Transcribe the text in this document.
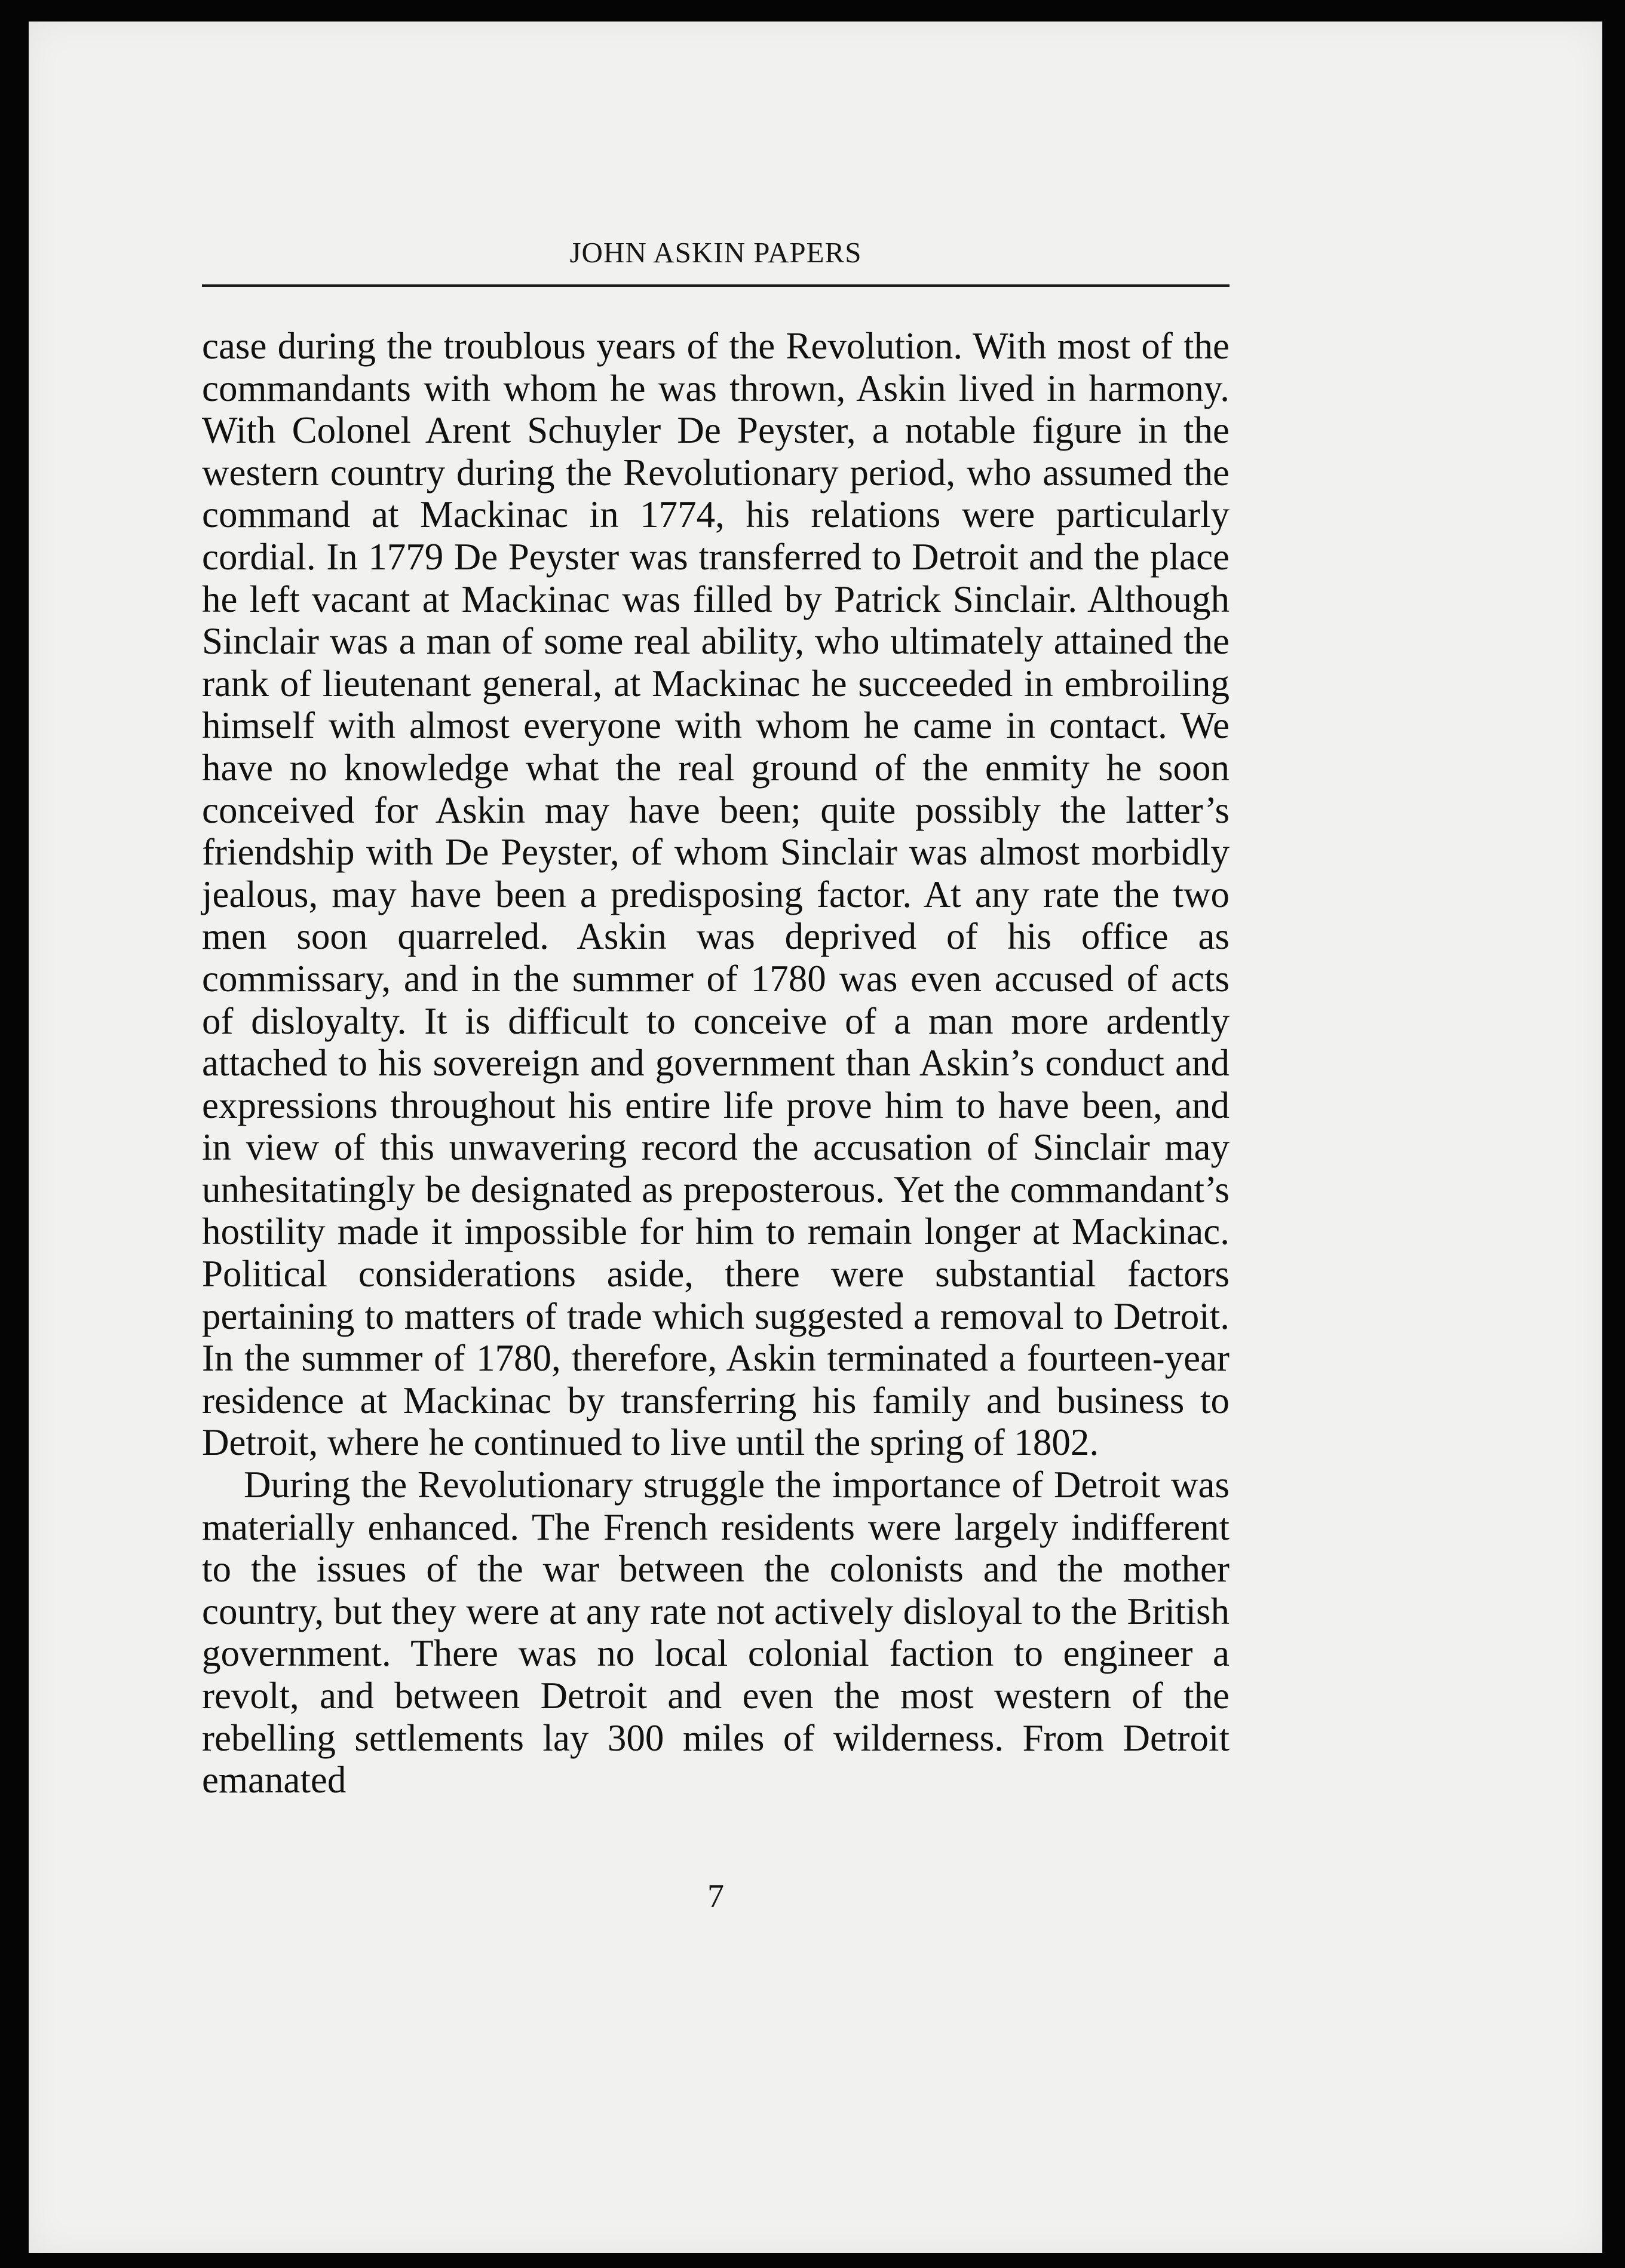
JOHN ASKIN PAPERS

case during the troublous years of the Revolution. With most of the commandants with whom he was thrown, Askin lived in harmony. With Colonel Arent Schuyler De Peyster, a notable figure in the western country during the Revolutionary period, who assumed the command at Mackinac in 1774, his relations were particularly cordial. In 1779 De Peyster was transferred to Detroit and the place he left vacant at Mackinac was filled by Patrick Sinclair. Although Sinclair was a man of some real ability, who ultimately attained the rank of lieutenant general, at Mackinac he succeeded in embroiling himself with almost everyone with whom he came in contact. We have no knowledge what the real ground of the enmity he soon conceived for Askin may have been; quite possibly the latter’s friendship with De Peyster, of whom Sinclair was almost morbidly jealous, may have been a predisposing factor. At any rate the two men soon quarreled. Askin was deprived of his office as commissary, and in the summer of 1780 was even accused of acts of disloyalty. It is difficult to conceive of a man more ardently attached to his sovereign and government than Askin’s conduct and expressions throughout his entire life prove him to have been, and in view of this unwavering record the accusation of Sinclair may unhesitatingly be designated as preposterous. Yet the commandant’s hostility made it impossible for him to remain longer at Mackinac. Political considerations aside, there were substantial factors pertaining to matters of trade which suggested a removal to Detroit. In the summer of 1780, therefore, Askin terminated a fourteen-year residence at Mackinac by transferring his family and business to Detroit, where he continued to live until the spring of 1802.

During the Revolutionary struggle the importance of Detroit was materially enhanced. The French residents were largely indifferent to the issues of the war between the colonists and the mother country, but they were at any rate not actively disloyal to the British government. There was no local colonial faction to engineer a revolt, and between Detroit and even the most western of the rebelling settlements lay 300 miles of wilderness. From Detroit emanated

7
